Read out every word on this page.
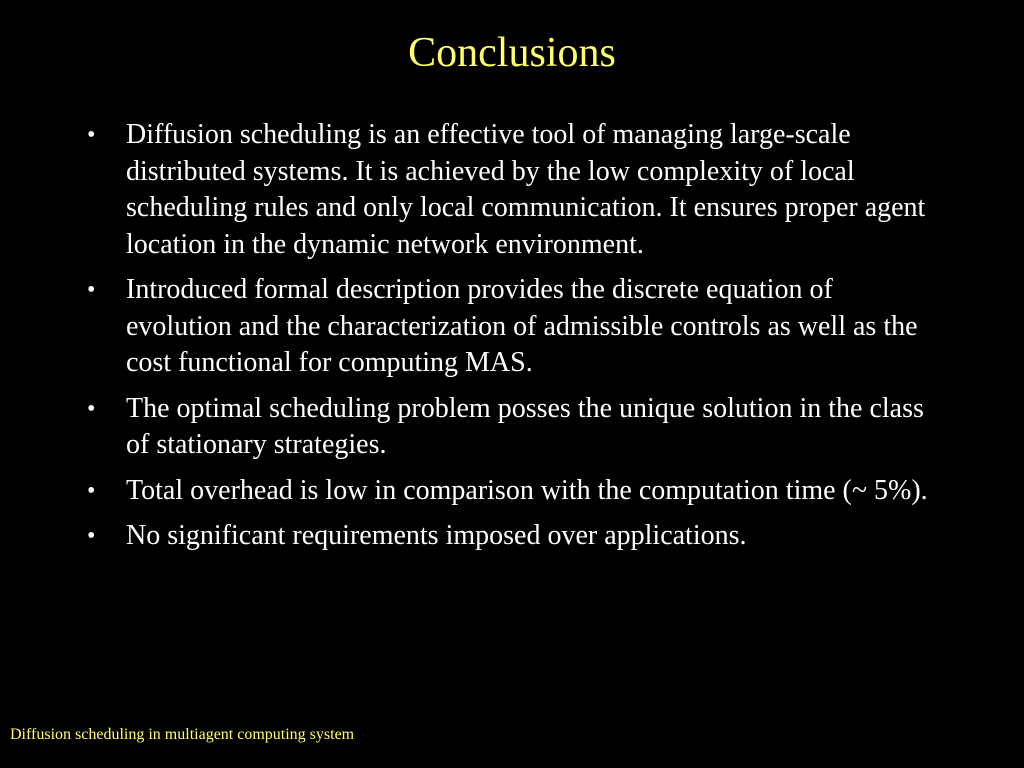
Conclusions
• Diffusion scheduling is an effective tool of managing large-scale distributed systems. It is achieved by the low complexity of local scheduling rules and only local communication. It ensures proper agent location in the dynamic network environment.
• Introduced formal description provides the discrete equation of evolution and the characterization of admissible controls as well as the cost functional for computing MAS.
• The optimal scheduling problem posses the unique solution in the class of stationary strategies.
• Total overhead is low in comparison with the computation time (~ 5%).
• No significant requirements imposed over applications.
Diffusion scheduling in multiagent computing system
